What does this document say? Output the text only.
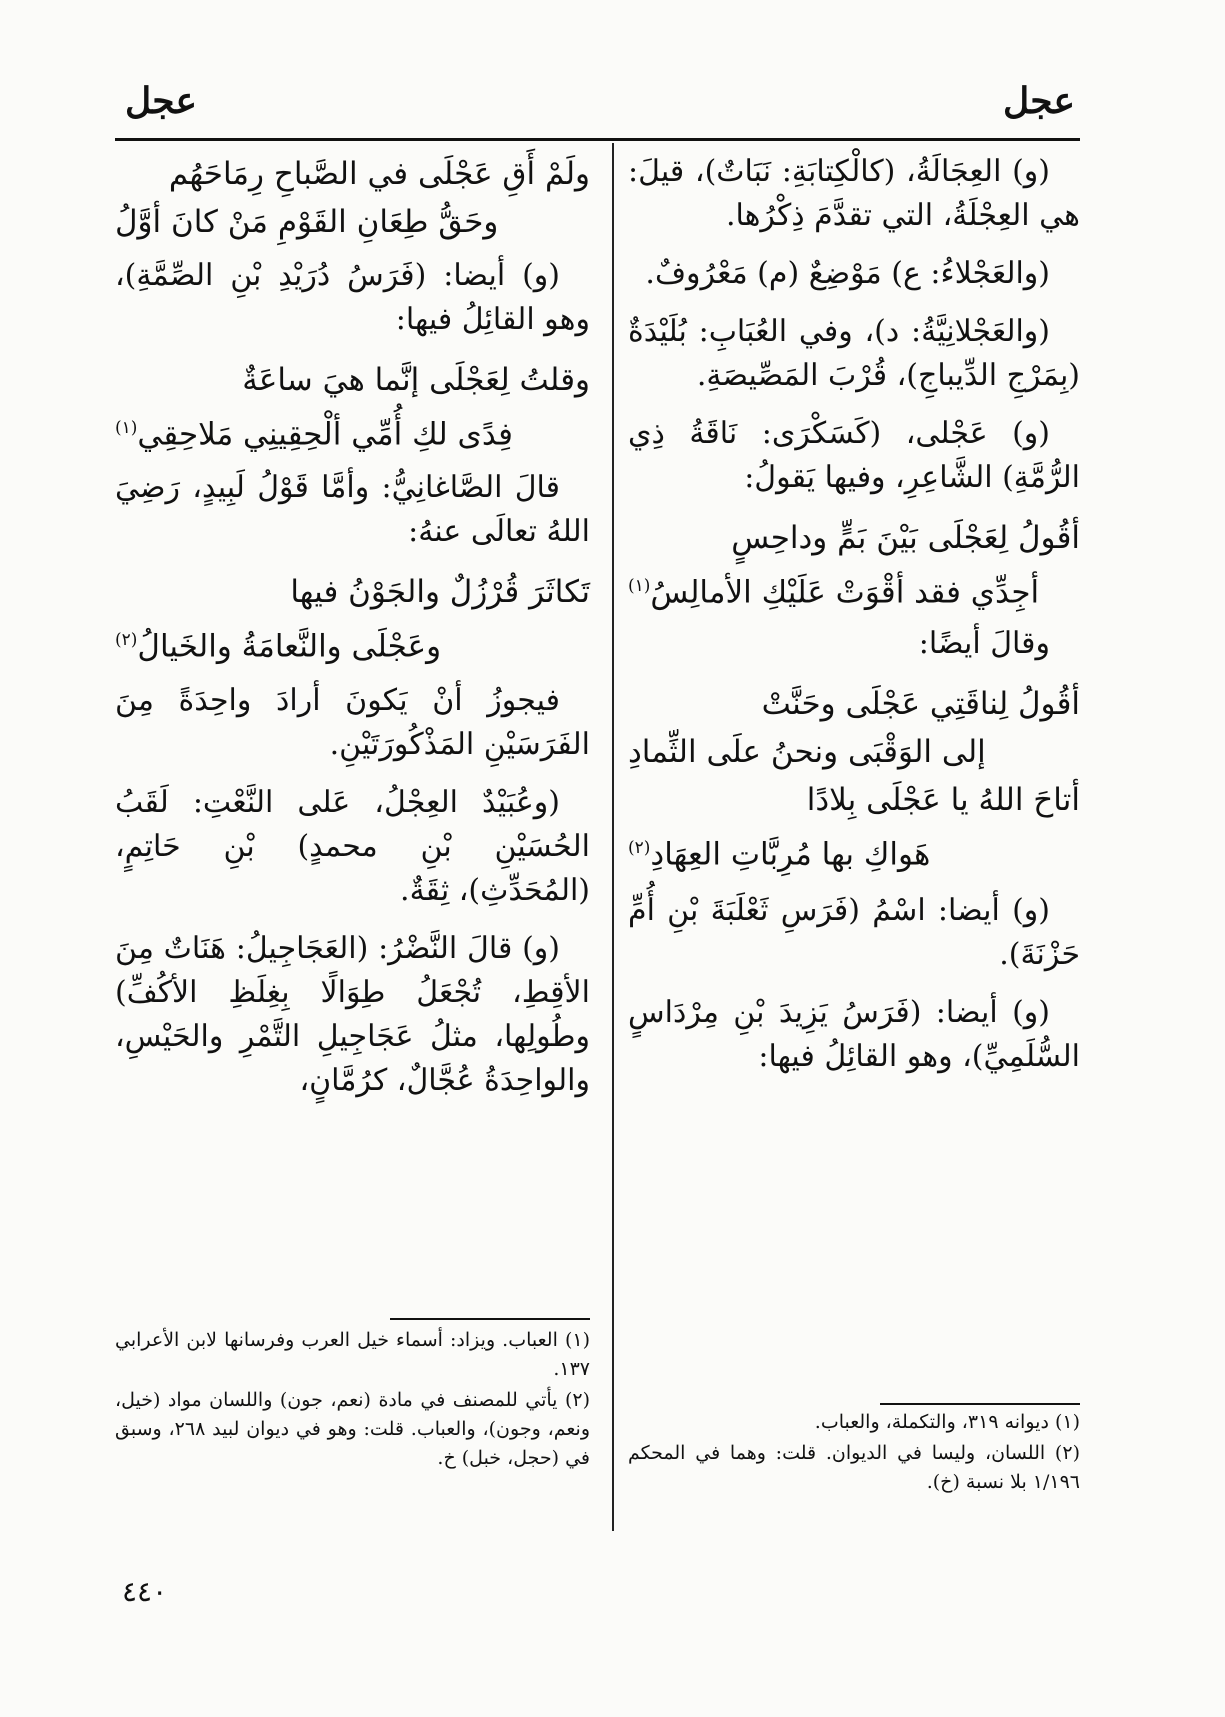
عجل
عجل

(و) العِجَالَةُ، (كالْكِتابَةِ: نَبَاتٌ)، قيلَ: هي العِجْلَةُ، التي تقدَّمَ ذِكْرُها.

(والعَجْلاءُ: ع) مَوْضِعٌ (م) مَعْرُوفٌ.

(والعَجْلانِيَّةُ: د)، وفي العُبَابِ: بُلَيْدَةٌ (بِمَرْجِ الدِّيباجِ)، قُرْبَ المَصِّيصَةِ.

(و) عَجْلى، (كَسَكْرَى: نَاقَةُ ذِي الرُّمَّةِ) الشَّاعِرِ، وفيها يَقولُ:

أقُولُ لِعَجْلَى بَيْنَ بَمٍّ وداحِسٍ
أجِدِّي فقد أقْوَتْ عَلَيْكِ الأمالِسُ$^{(١)}$

وقالَ أيضًا:

أقُولُ لِناقَتِي عَجْلَى وحَنَّتْ
إلى الوَقْبَى ونحنُ علَى الثِّمادِ
أتاحَ اللهُ يا عَجْلَى بِلادًا
هَواكِ بها مُرِبَّاتِ العِهَادِ$^{(٢)}$

(و) أيضا: اسْمُ (فَرَسِ ثَعْلَبَةَ بْنِ أُمِّ حَزْنَةَ).

(و) أيضا: (فَرَسُ يَزِيدَ بْنِ مِرْدَاسٍ السُّلَمِيِّ)، وهو القائِلُ فيها:

ولَمْ أَقِ عَجْلَى في الصَّباحِ رِمَاحَهُم
وحَقُّ طِعَانِ القَوْمِ مَنْ كانَ أوَّلُ

(و) أيضا: (فَرَسُ دُرَيْدِ بْنِ الصِّمَّةِ)، وهو القائِلُ فيها:

وقلتُ لِعَجْلَى إنَّما هيَ ساعَةٌ
فِدًى لكِ أُمِّي ألْحِقِينِي مَلاحِقِي$^{(١)}$

قالَ الصَّاغانِيُّ: وأمَّا قَوْلُ لَبِيدٍ، رَضِيَ اللهُ تعالَى عنهُ:

تَكاثَرَ قُرْزُلٌ والجَوْنُ فيها
وعَجْلَى والنَّعامَةُ والخَيالُ$^{(٢)}$

فيجوزُ أنْ يَكونَ أرادَ واحِدَةً مِنَ الفَرَسَيْنِ المَذْكُورَتَيْنِ.

(وعُبَيْدٌ العِجْلُ، عَلى النَّعْتِ: لَقَبُ الحُسَيْنِ بْنِ محمدٍ) بْنِ حَاتِمٍ، (المُحَدِّثِ)، ثِقَةٌ.

(و) قالَ النَّضْرُ: (العَجَاجِيلُ: هَنَاتٌ مِنَ الأقِطِ، تُجْعَلُ طِوَالًا بِغِلَظِ الأكُفِّ) وطُولِها، مثلُ عَجَاجِيلِ التَّمْرِ والحَيْسِ، والواحِدَةُ عُجَّالٌ، كرُمَّانٍ،

(١) ديوانه ٣١٩، والتكملة، والعباب.
(٢) اللسان، وليسا في الديوان. قلت: وهما في المحكم ١/١٩٦ بلا نسبة (خ).
(١) العباب. ويزاد: أسماء خيل العرب وفرسانها لابن الأعرابي ١٣٧.
(٢) يأتي للمصنف في مادة (نعم، جون) واللسان مواد (خيل، ونعم، وجون)، والعباب. قلت: وهو في ديوان لبيد ٢٦٨، وسبق في (حجل، خبل) خ.
٤٤٠
